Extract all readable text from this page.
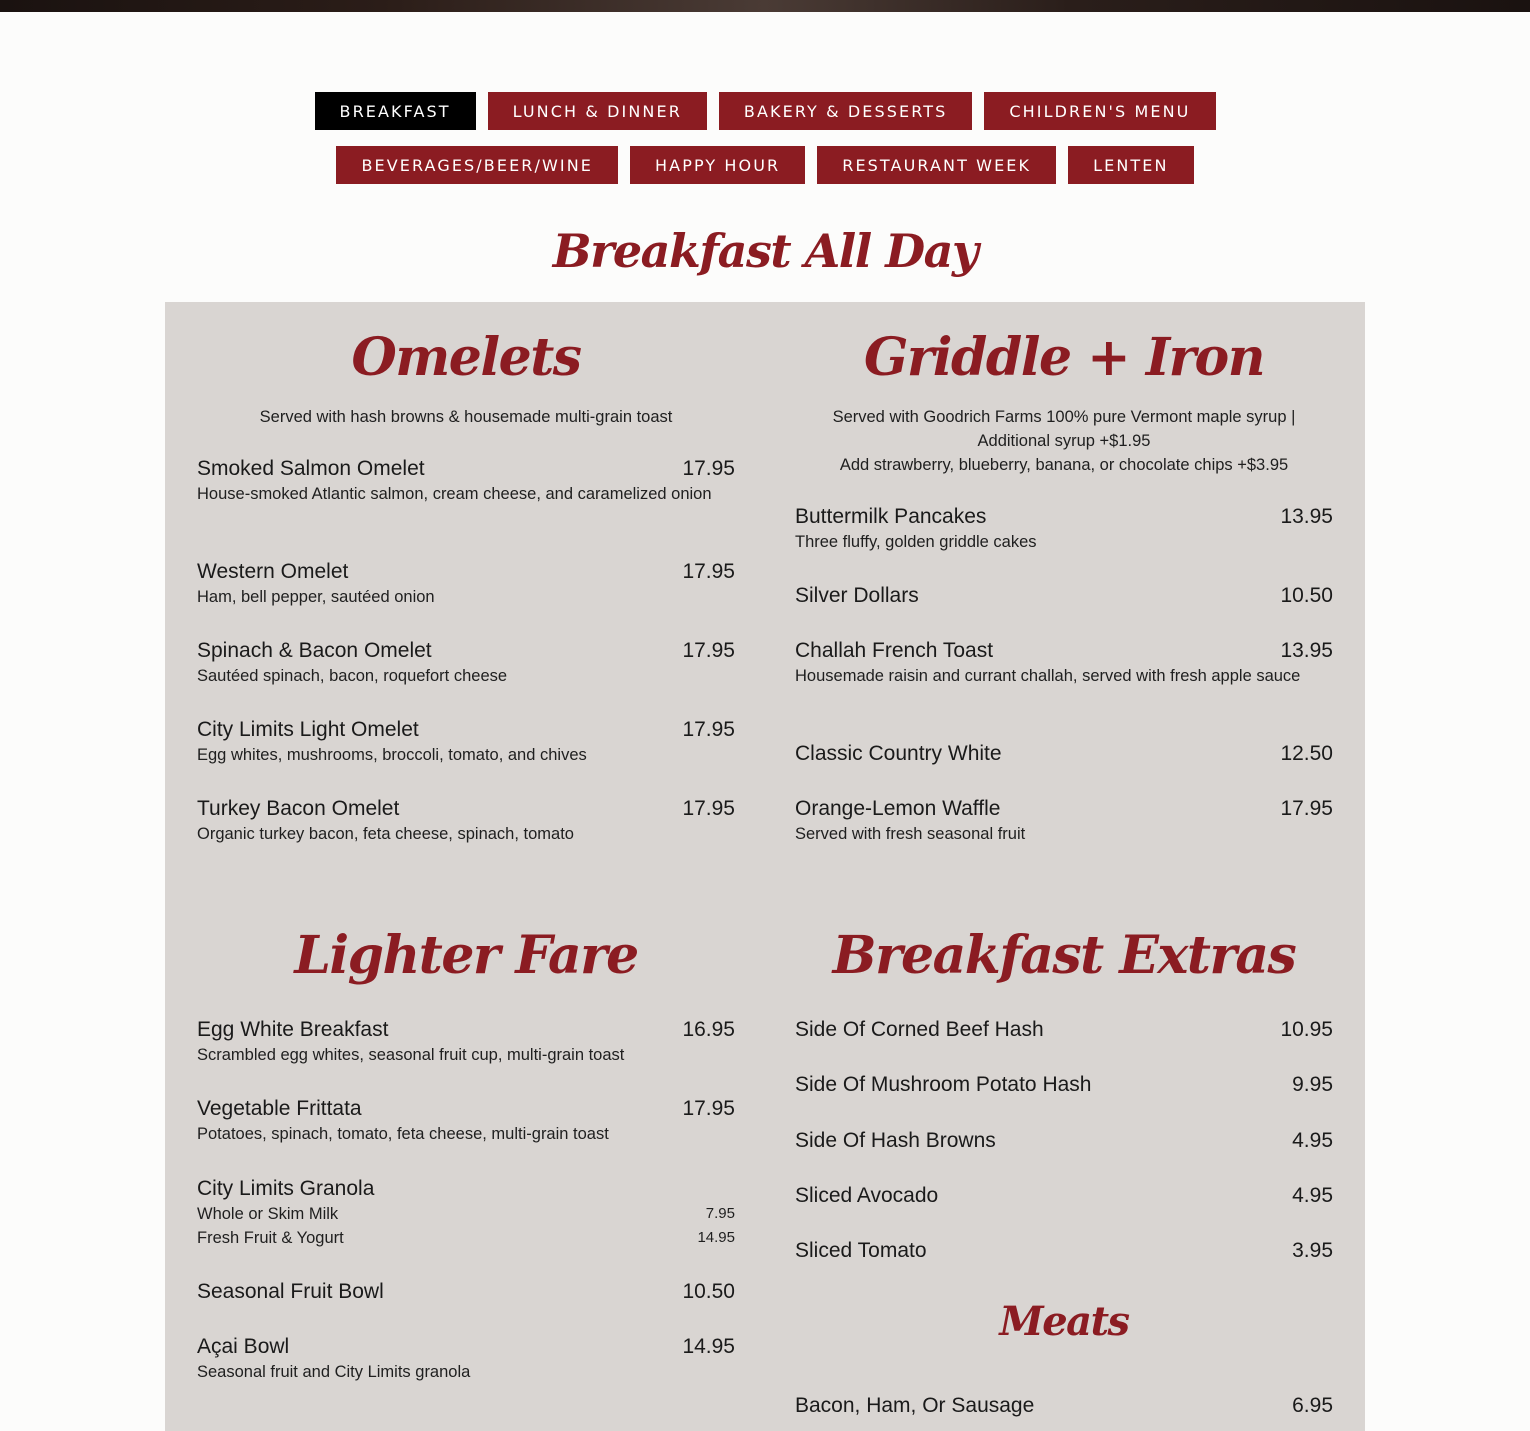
BREAKFAST	LUNCH & DINNER	BAKERY & DESSERTS	CHILDREN'S MENU
BEVERAGES/BEER/WINE	HAPPY HOUR	RESTAURANT WEEK	LENTEN
Breakfast All Day
Omelets

Served with hash browns & housemade multi-grain toast

Smoked Salmon Omelet	17.95
House-smoked Atlantic salmon, cream cheese, and caramelized onion
Western Omelet	17.95
Ham, bell pepper, sautéed onion
Spinach & Bacon Omelet	17.95
Sautéed spinach, bacon, roquefort cheese
City Limits Light Omelet	17.95
Egg whites, mushrooms, broccoli, tomato, and chives
Turkey Bacon Omelet	17.95
Organic turkey bacon, feta cheese, spinach, tomato
Griddle + Iron

Served with Goodrich Farms 100% pure Vermont maple syrup | Additional syrup +$1.95

Add strawberry, blueberry, banana, or chocolate chips +$3.95

Buttermilk Pancakes	13.95
Three fluffy, golden griddle cakes
Silver Dollars	10.50
Challah French Toast	13.95
Housemade raisin and currant challah, served with fresh apple sauce
Classic Country White	12.50
Orange-Lemon Waffle	17.95
Served with fresh seasonal fruit
Lighter Fare
Egg White Breakfast	16.95
Scrambled egg whites, seasonal fruit cup, multi-grain toast
Vegetable Frittata	17.95
Potatoes, spinach, tomato, feta cheese, multi-grain toast
City Limits Granola
Whole or Skim Milk	7.95
Fresh Fruit & Yogurt	14.95
Seasonal Fruit Bowl	10.50
Açai Bowl	14.95
Seasonal fruit and City Limits granola
Breakfast Extras
Side Of Corned Beef Hash	10.95
Side Of Mushroom Potato Hash	9.95
Side Of Hash Browns	4.95
Sliced Avocado	4.95
Sliced Tomato	3.95
Meats
Bacon, Ham, Or Sausage	6.95
